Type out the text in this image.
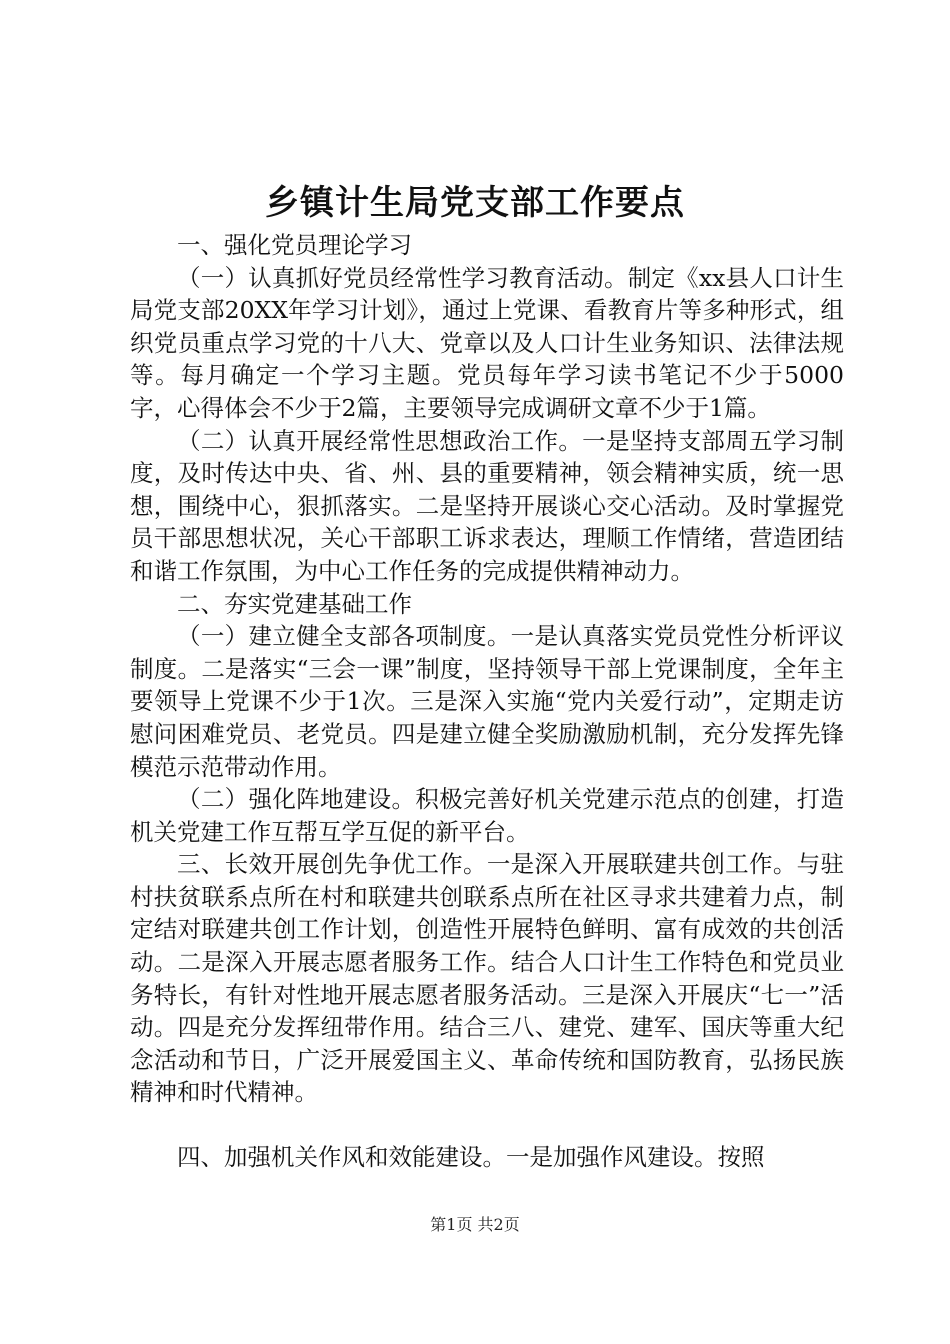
乡镇计生局党支部工作要点

一、强化党员理论学习

（一）认真抓好党员经常性学习教育活动。制定《xx县人口计生局党支部20XX年学习计划》，通过上党课、看教育片等多种形式，组织党员重点学习党的十八大、党章以及人口计生业务知识、法律法规等。每月确定一个学习主题。党员每年学习读书笔记不少于5000字，心得体会不少于2篇，主要领导完成调研文章不少于1篇。

（二）认真开展经常性思想政治工作。一是坚持支部周五学习制度，及时传达中央、省、州、县的重要精神，领会精神实质，统一思想，围绕中心，狠抓落实。二是坚持开展谈心交心活动。及时掌握党员干部思想状况，关心干部职工诉求表达，理顺工作情绪，营造团结和谐工作氛围，为中心工作任务的完成提供精神动力。

二、夯实党建基础工作

（一）建立健全支部各项制度。一是认真落实党员党性分析评议制度。二是落实“三会一课”制度，坚持领导干部上党课制度，全年主要领导上党课不少于1次。三是深入实施“党内关爱行动”，定期走访慰问困难党员、老党员。四是建立健全奖励激励机制，充分发挥先锋模范示范带动作用。

（二）强化阵地建设。积极完善好机关党建示范点的创建，打造机关党建工作互帮互学互促的新平台。

三、长效开展创先争优工作。一是深入开展联建共创工作。与驻村扶贫联系点所在村和联建共创联系点所在社区寻求共建着力点，制定结对联建共创工作计划，创造性开展特色鲜明、富有成效的共创活动。二是深入开展志愿者服务工作。结合人口计生工作特色和党员业务特长，有针对性地开展志愿者服务活动。三是深入开展庆“七一”活动。四是充分发挥纽带作用。结合三八、建党、建军、国庆等重大纪念活动和节日，广泛开展爱国主义、革命传统和国防教育，弘扬民族精神和时代精神。

四、加强机关作风和效能建设。一是加强作风建设。按照

第1页 共2页
